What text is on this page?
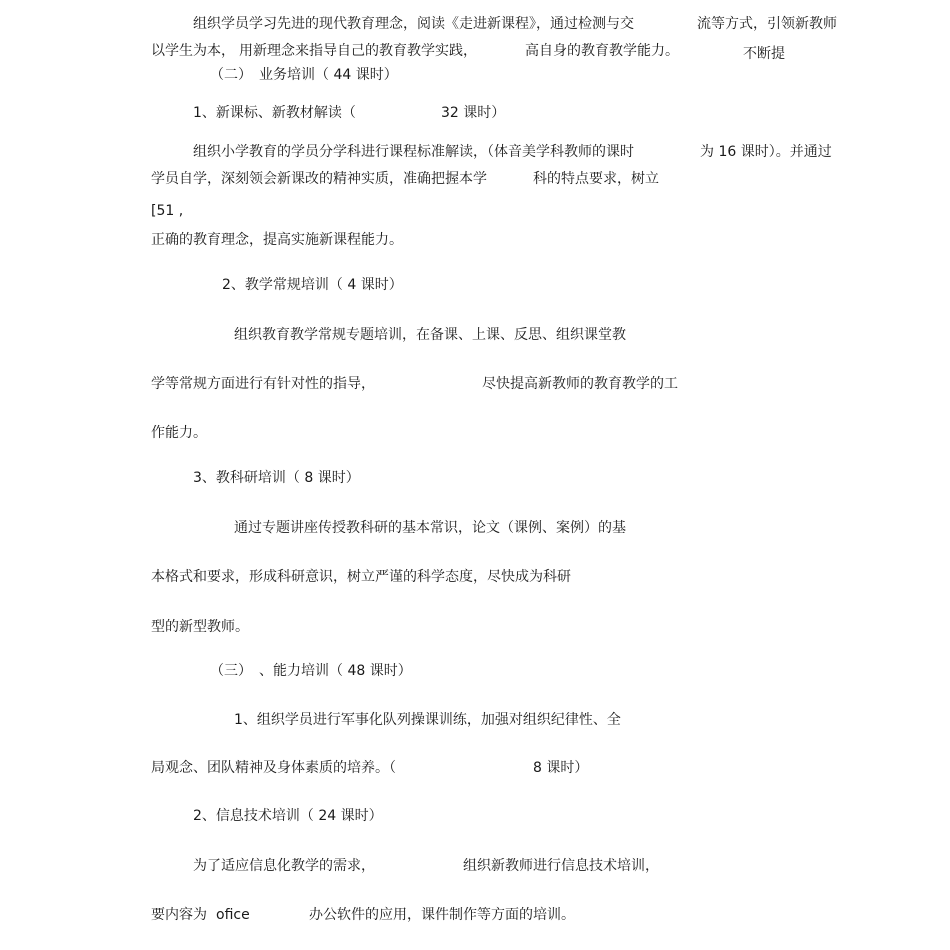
组织学员学习先进的现代教育理念，阅读《走进新课程》，通过检测与交	流等方式，引领新教师
以学生为本， 用新理念来指导自己的教育教学实践，	高自身的教育教学能力。	不断提
（二） 业务培训（ 44 课时）
1、新课标、新教材解读（	32 课时）
组织小学教育的学员分学科进行课程标准解读，（体音美学科教师的课时	为 16 课时）。并通过
学员自学，深刻领会新课改的精神实质，准确把握本学	科的特点要求，树立
[51 ,
正确的教育理念，提高实施新课程能力。
2、教学常规培训（ 4 课时）
组织教育教学常规专题培训，在备课、上课、反思、组织课堂教
学等常规方面进行有针对性的指导，	尽快提高新教师的教育教学的工
作能力。
3、教科研培训（ 8 课时）
通过专题讲座传授教科研的基本常识，论文（课例、案例）的基
本格式和要求，形成科研意识，树立严谨的科学态度，尽快成为科研
型的新型教师。
（三） 、能力培训（ 48 课时）
1、组织学员进行军事化队列操课训练，加强对组织纪律性、全
局观念、团队精神及身体素质的培养。（	8 课时）
2、信息技术培训（ 24 课时）
为了适应信息化教学的需求，	组织新教师进行信息技术培训，
要内容为 ofice	办公软件的应用，课件制作等方面的培训。
